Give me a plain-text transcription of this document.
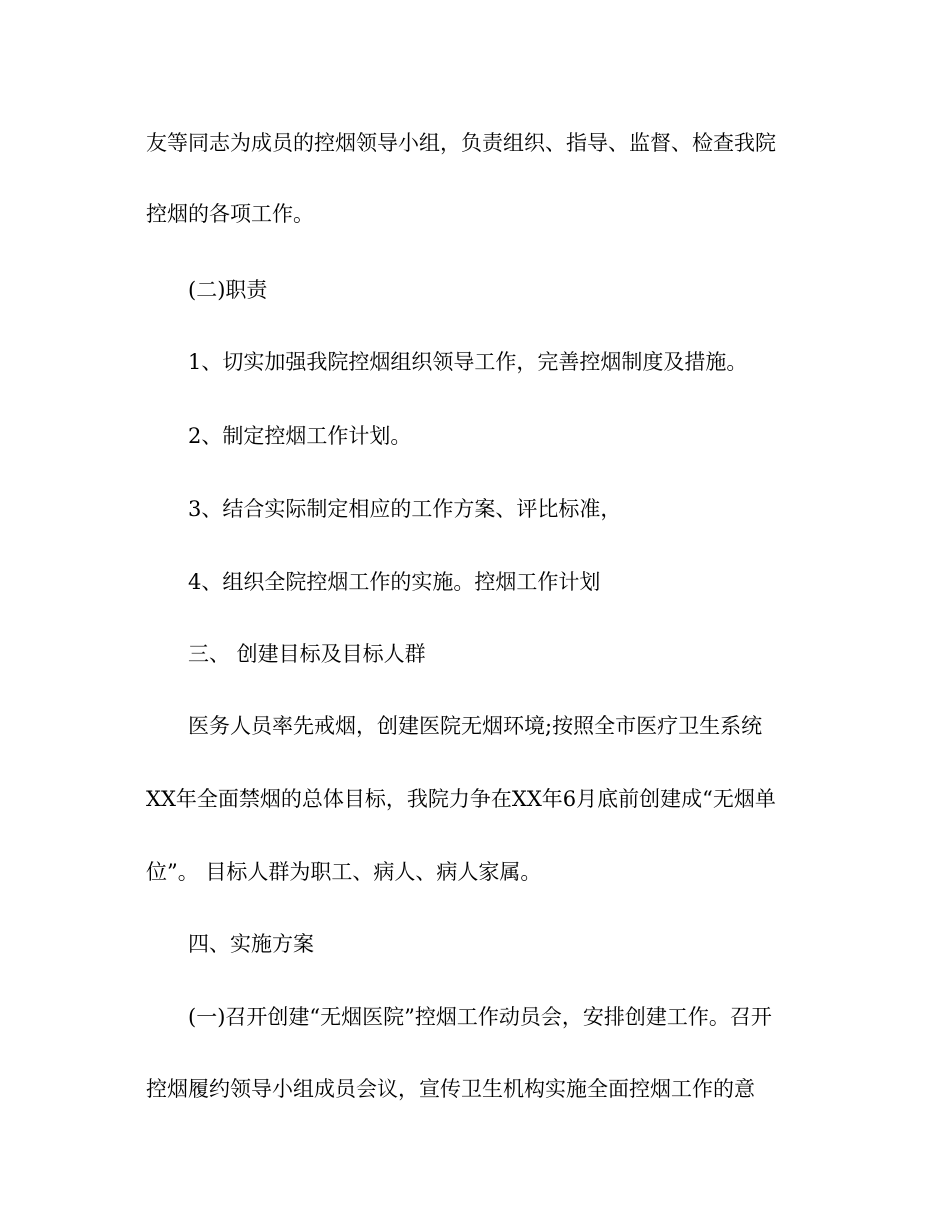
友等同志为成员的控烟领导小组，负责组织、指导、监督、检查我院
控烟的各项工作。
(二)职责
1、切实加强我院控烟组织领导工作，完善控烟制度及措施。
2、制定控烟工作计划。
3、结合实际制定相应的工作方案、评比标准，
4、组织全院控烟工作的实施。控烟工作计划
三、 创建目标及目标人群
医务人员率先戒烟，创建医院无烟环境;按照全市医疗卫生系统
XX年全面禁烟的总体目标，我院力争在XX年6月底前创建成“无烟单
位”。 目标人群为职工、病人、病人家属。
四、实施方案
(一)召开创建“无烟医院”控烟工作动员会，安排创建工作。召开
控烟履约领导小组成员会议，宣传卫生机构实施全面控烟工作的意
